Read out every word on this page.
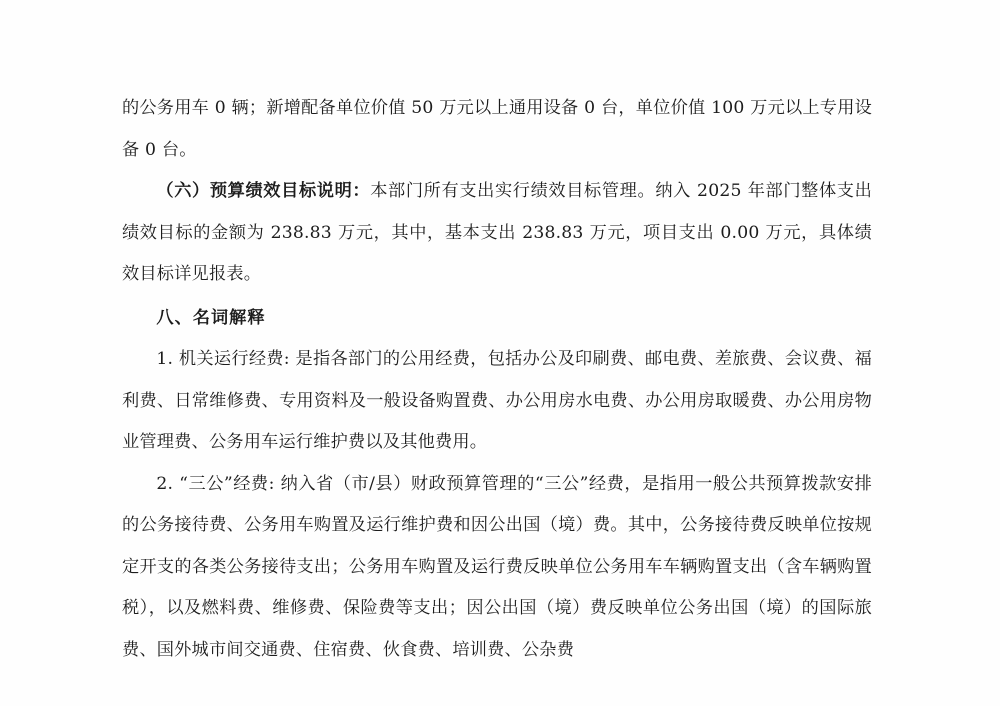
的公务用车 0 辆；新增配备单位价值 50 万元以上通用设备 0 台，单位价值 100 万元以上专用设备 0 台。

（六）预算绩效目标说明：本部门所有支出实行绩效目标管理。纳入 2025 年部门整体支出绩效目标的金额为 238.83 万元，其中，基本支出 238.83 万元，项目支出 0.00 万元，具体绩效目标详见报表。

八、名词解释

1. 机关运行经费: 是指各部门的公用经费，包括办公及印刷费、邮电费、差旅费、会议费、福利费、日常维修费、专用资料及一般设备购置费、办公用房水电费、办公用房取暖费、办公用房物业管理费、公务用车运行维护费以及其他费用。

2. “三公”经费: 纳入省（市/县）财政预算管理的“三公”经费，是指用一般公共预算拨款安排的公务接待费、公务用车购置及运行维护费和因公出国（境）费。其中，公务接待费反映单位按规定开支的各类公务接待支出；公务用车购置及运行费反映单位公务用车车辆购置支出（含车辆购置税），以及燃料费、维修费、保险费等支出；因公出国（境）费反映单位公务出国（境）的国际旅费、国外城市间交通费、住宿费、伙食费、培训费、公杂费
